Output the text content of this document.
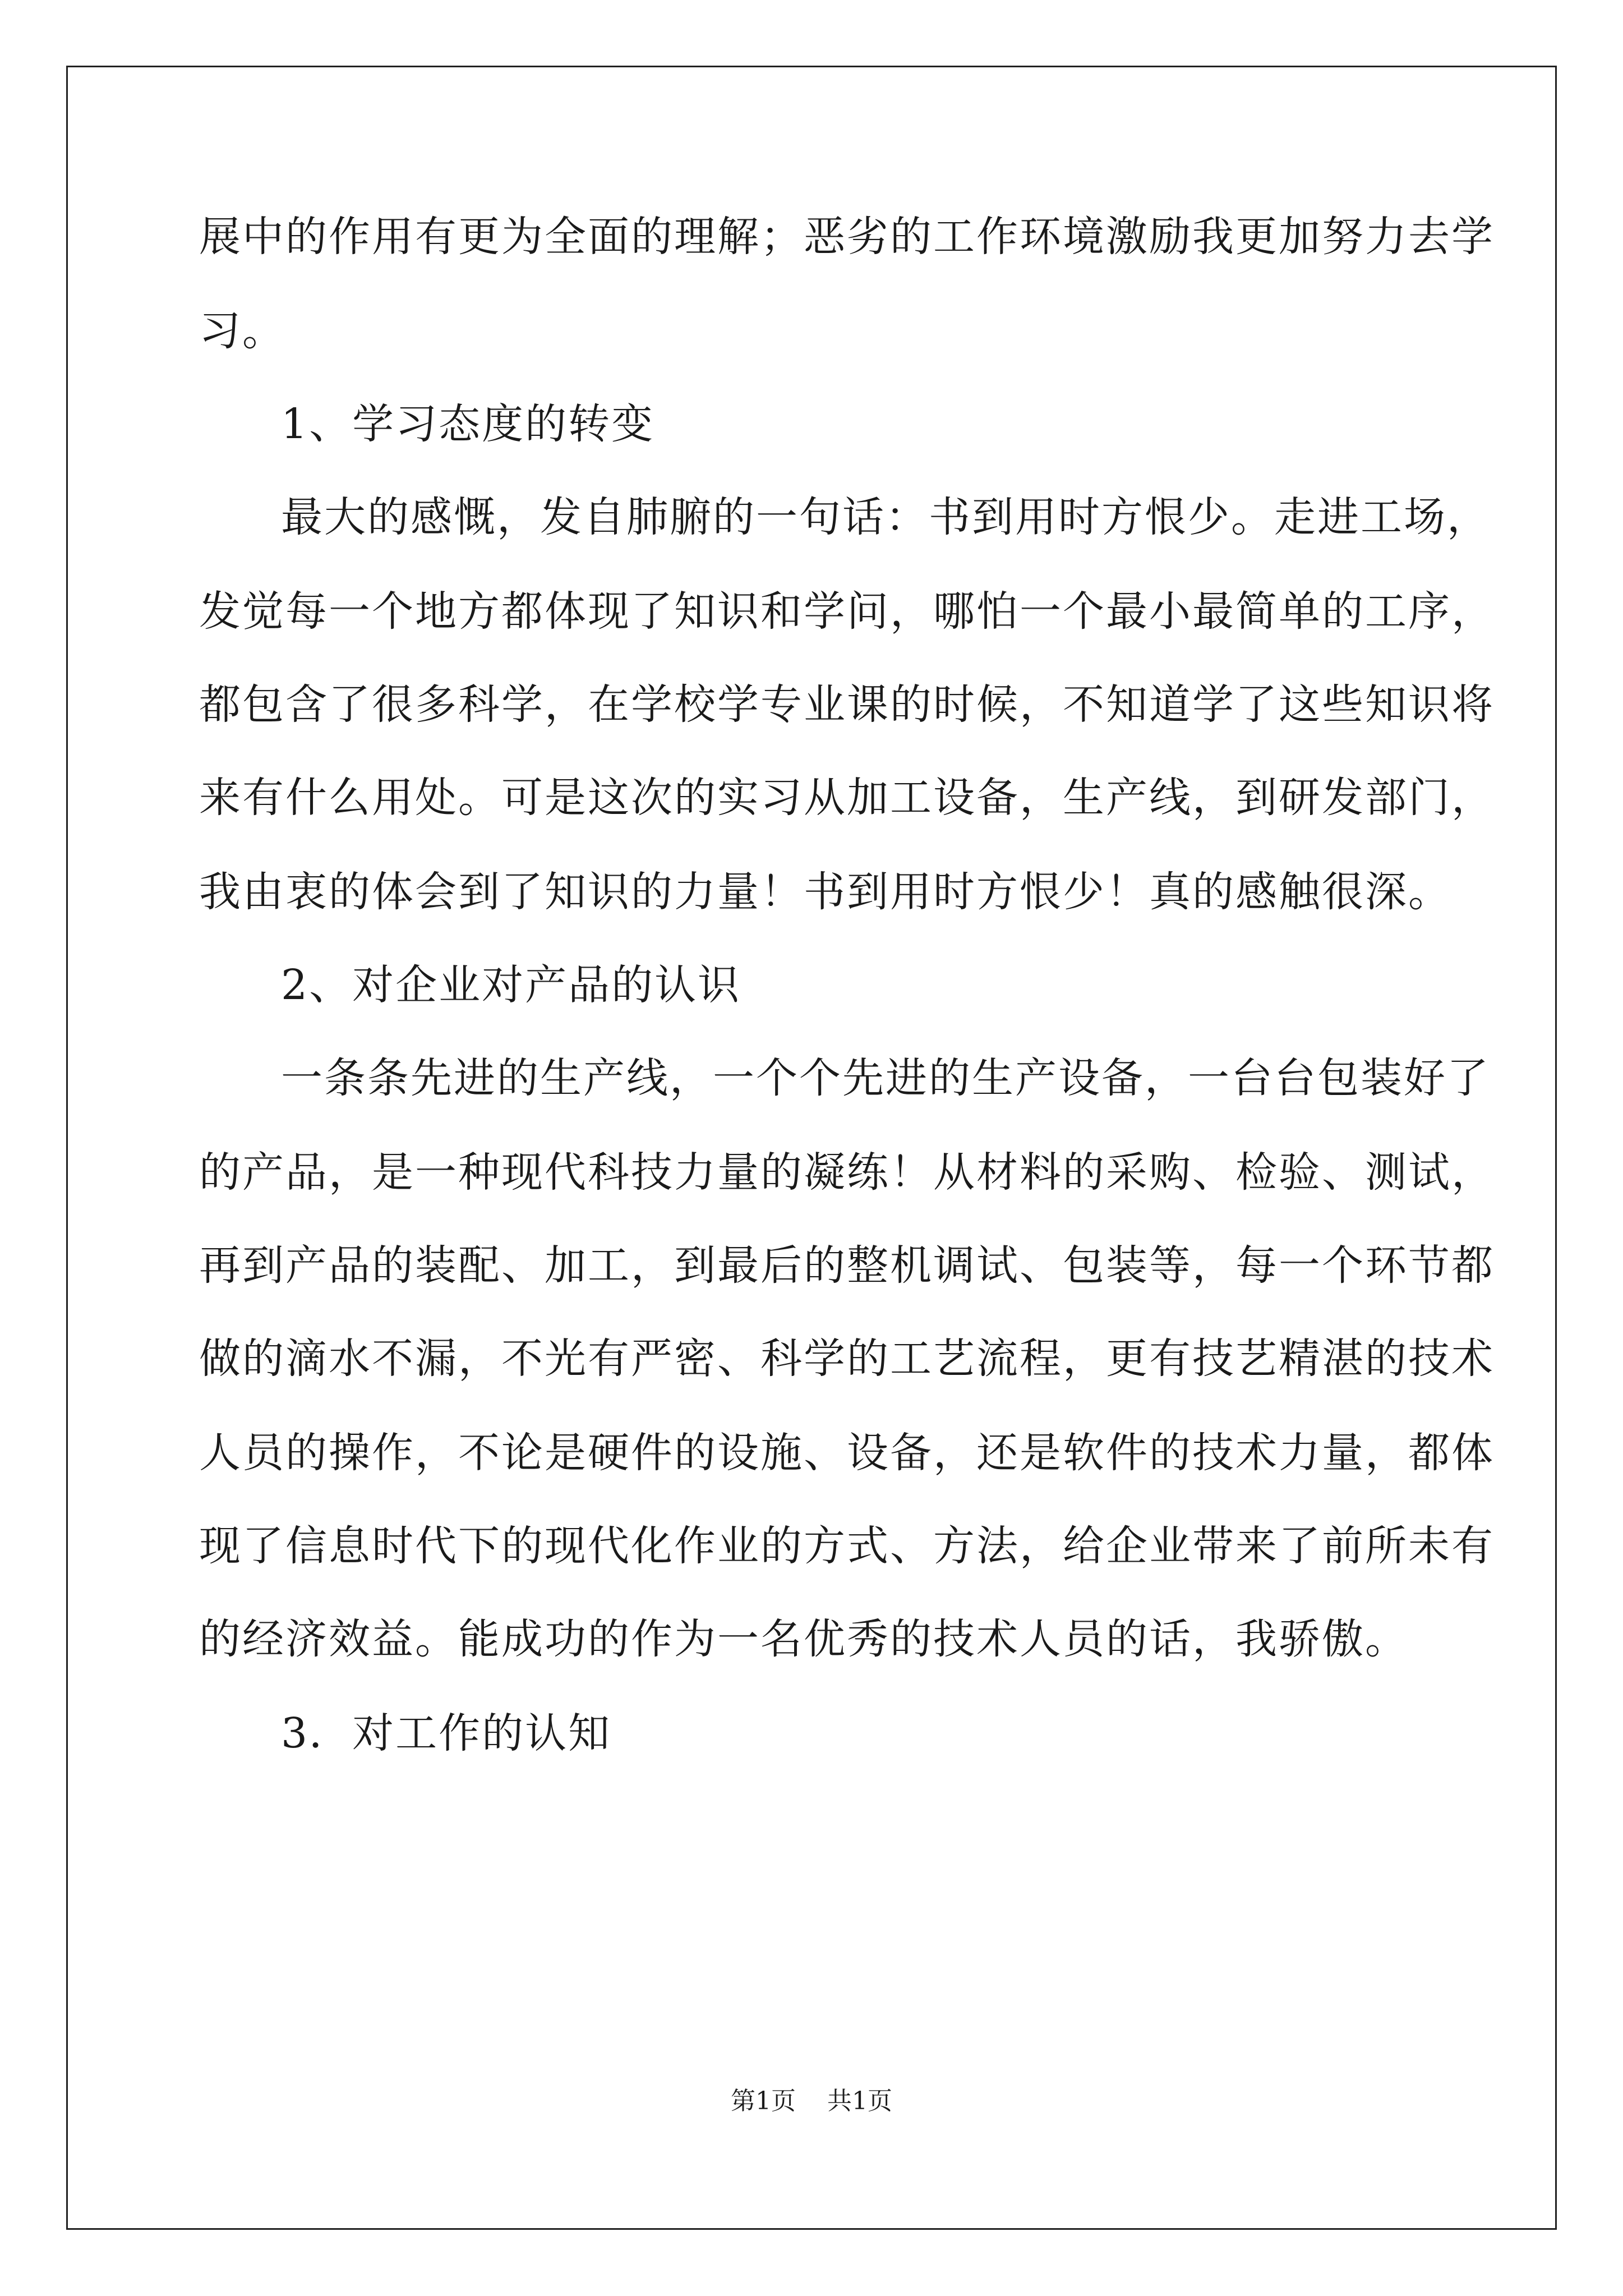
展中的作用有更为全面的理解；恶劣的工作环境激励我更加努力去学
习。
1、学习态度的转变
最大的感慨，发自肺腑的一句话：书到用时方恨少。走进工场，
发觉每一个地方都体现了知识和学问，哪怕一个最小最简单的工序，
都包含了很多科学，在学校学专业课的时候，不知道学了这些知识将
来有什么用处。可是这次的实习从加工设备，生产线，到研发部门，
我由衷的体会到了知识的力量！书到用时方恨少！真的感触很深。
2、对企业对产品的认识
一条条先进的生产线，一个个先进的生产设备，一台台包装好了
的产品，是一种现代科技力量的凝练！从材料的采购、检验、测试，
再到产品的装配、加工，到最后的整机调试、包装等，每一个环节都
做的滴水不漏，不光有严密、科学的工艺流程，更有技艺精湛的技术
人员的操作，不论是硬件的设施、设备，还是软件的技术力量，都体
现了信息时代下的现代化作业的方式、方法，给企业带来了前所未有
的经济效益。能成功的作为一名优秀的技术人员的话，我骄傲。
3．对工作的认知
第1页 共1页
